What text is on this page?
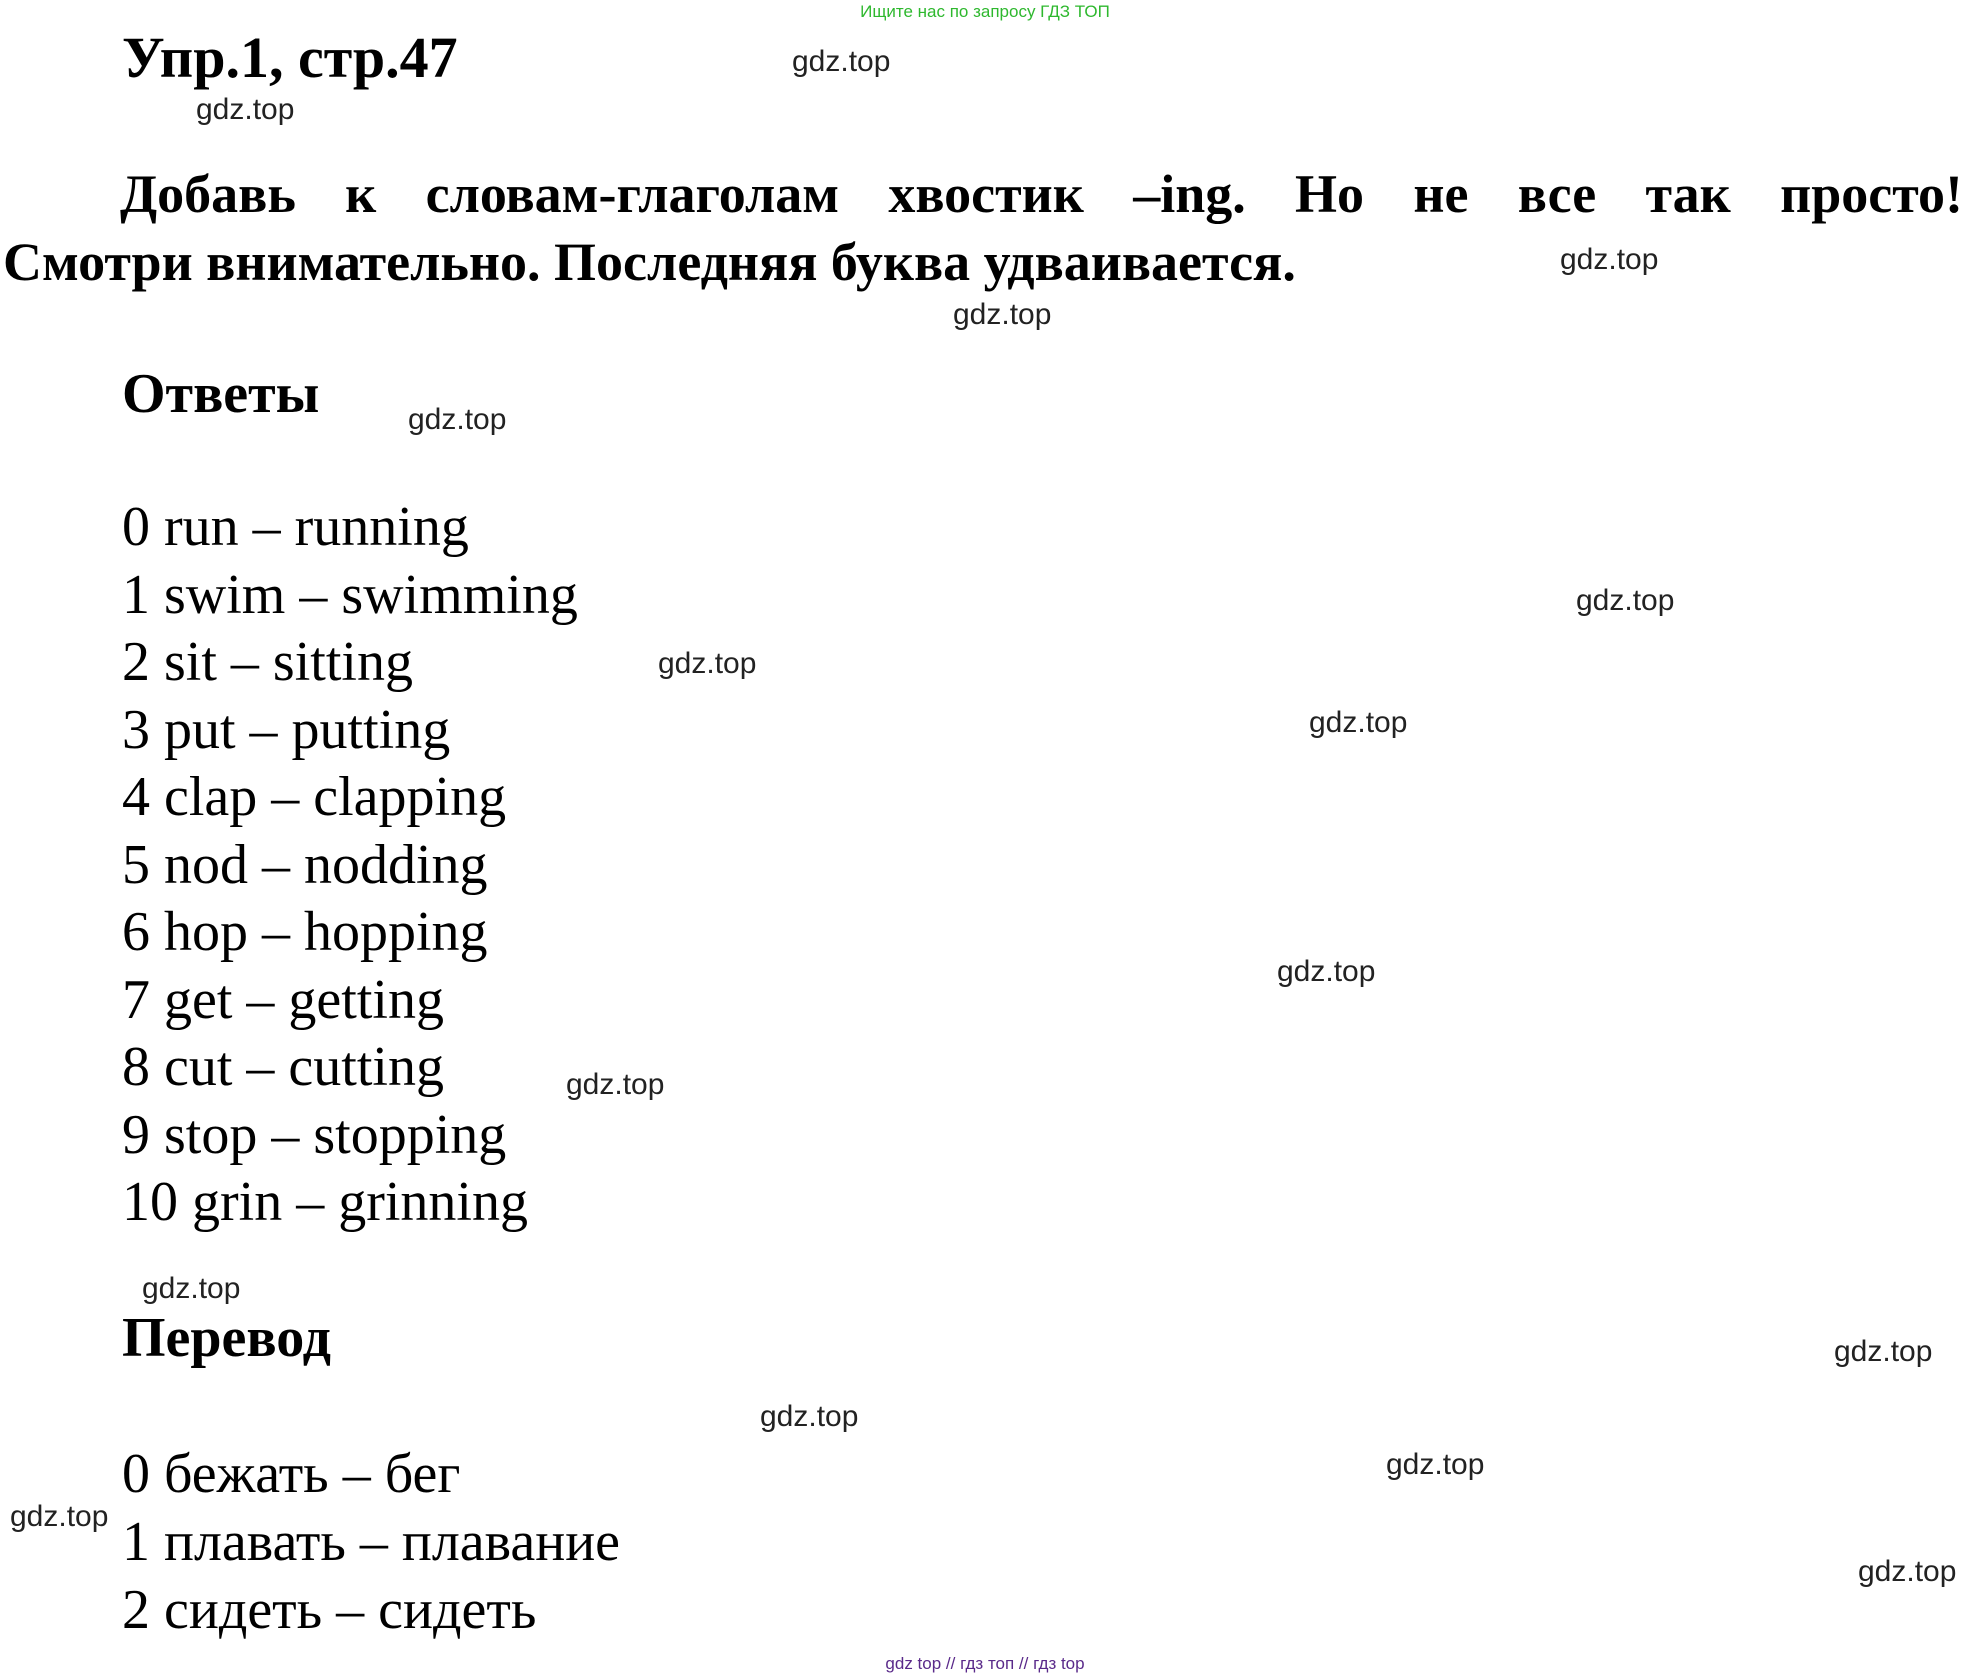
Ищите нас по запросу ГДЗ ТОП
Упр.1, стр.47
Добавь к словам-глаголам хвостик –ing. Но не все так просто!
Смотри внимательно. Последняя буква удваивается.
Ответы
0 run – running
1 swim – swimming
2 sit – sitting
3 put – putting
4 clap – clapping
5 nod – nodding
6 hop – hopping
7 get – getting
8 cut – cutting
9 stop – stopping
10 grin – grinning
Перевод
0 бежать – бег
1 плавать – плавание
2 сидеть – сидеть
gdz.top
gdz.top
gdz.top
gdz.top
gdz.top
gdz.top
gdz.top
gdz.top
gdz.top
gdz.top
gdz.top
gdz.top
gdz.top
gdz.top
gdz.top
gdz.top
gdz top // гдз топ // гдз top
